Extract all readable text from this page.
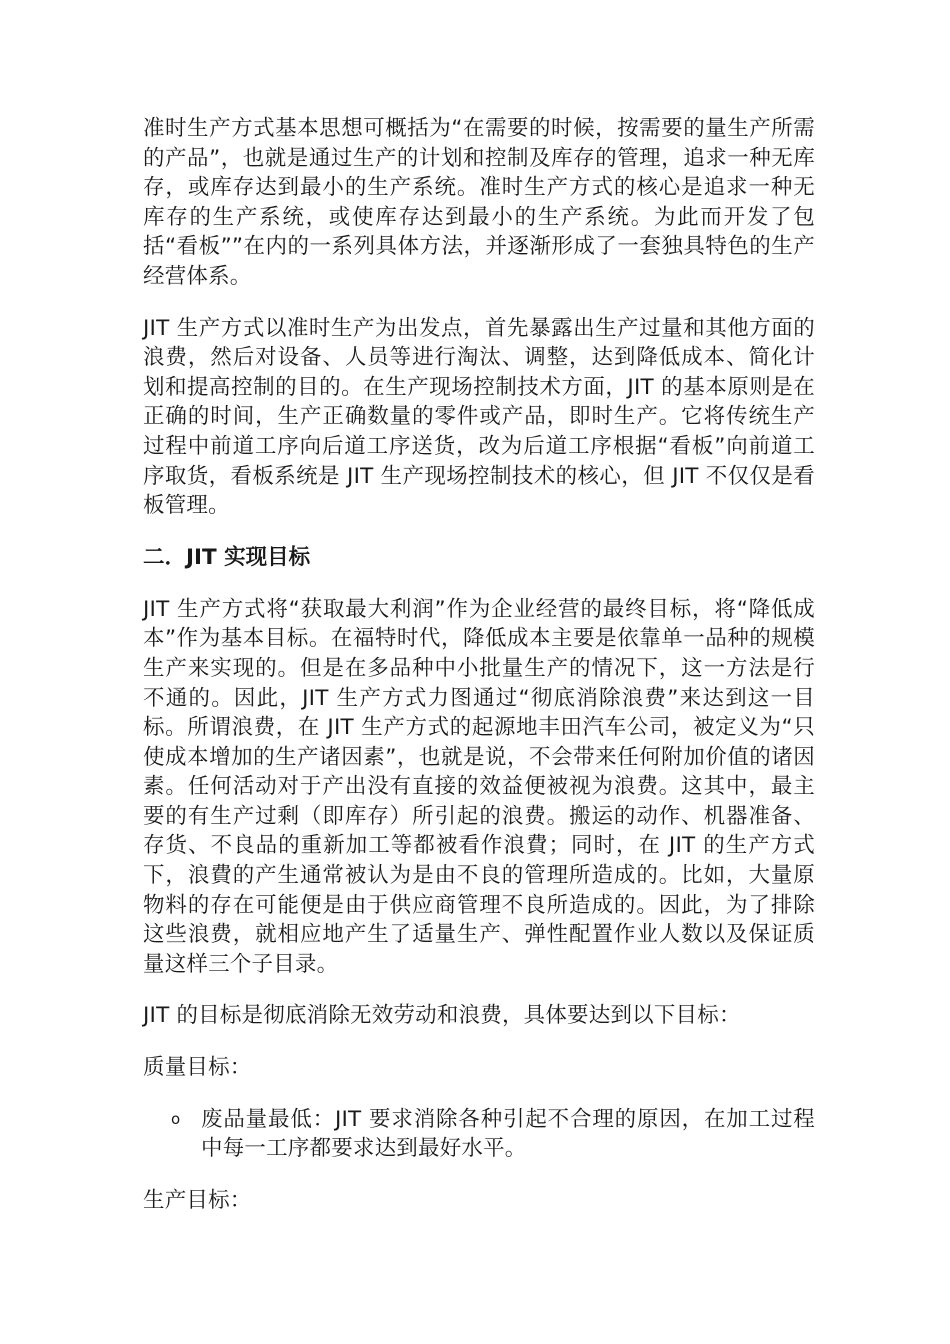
准时生产方式基本思想可概括为“在需要的时候，按需要的量生产所需的产品”，也就是通过生产的计划和控制及库存的管理，追求一种无库存，或库存达到最小的生产系统。准时生产方式的核心是追求一种无库存的生产系统，或使库存达到最小的生产系统。为此而开发了包括“看板””在内的一系列具体方法，并逐渐形成了一套独具特色的生产经营体系。

JIT 生产方式以准时生产为出发点，首先暴露出生产过量和其他方面的浪费，然后对设备、人员等进行淘汰、调整，达到降低成本、简化计划和提高控制的目的。在生产现场控制技术方面，JIT 的基本原则是在正确的时间，生产正确数量的零件或产品，即时生产。它将传统生产过程中前道工序向后道工序送货，改为后道工序根据“看板”向前道工序取货，看板系统是 JIT 生产现场控制技术的核心，但 JIT 不仅仅是看板管理。

二．JIT 实现目标

JIT 生产方式将“获取最大利润”作为企业经营的最终目标，将“降低成本”作为基本目标。在福特时代，降低成本主要是依靠单一品种的规模生产来实现的。但是在多品种中小批量生产的情况下，这一方法是行不通的。因此，JIT 生产方式力图通过“彻底消除浪费”来达到这一目标。所谓浪费，在 JIT 生产方式的起源地丰田汽车公司，被定义为“只使成本增加的生产诸因素”，也就是说，不会带来任何附加价值的诸因素。任何活动对于产出没有直接的效益便被视为浪费。这其中，最主要的有生产过剩（即库存）所引起的浪费。搬运的动作、机器准备、存货、不良品的重新加工等都被看作浪費；同时，在 JIT 的生产方式下，浪費的产生通常被认为是由不良的管理所造成的。比如，大量原物料的存在可能便是由于供应商管理不良所造成的。因此，为了排除这些浪费，就相应地产生了适量生产、弹性配置作业人数以及保证质量这样三个子目录。

JIT 的目标是彻底消除无效劳动和浪费，具体要达到以下目标：

质量目标：

o 废品量最低：JIT 要求消除各种引起不合理的原因，在加工过程中每一工序都要求达到最好水平。

生产目标：
